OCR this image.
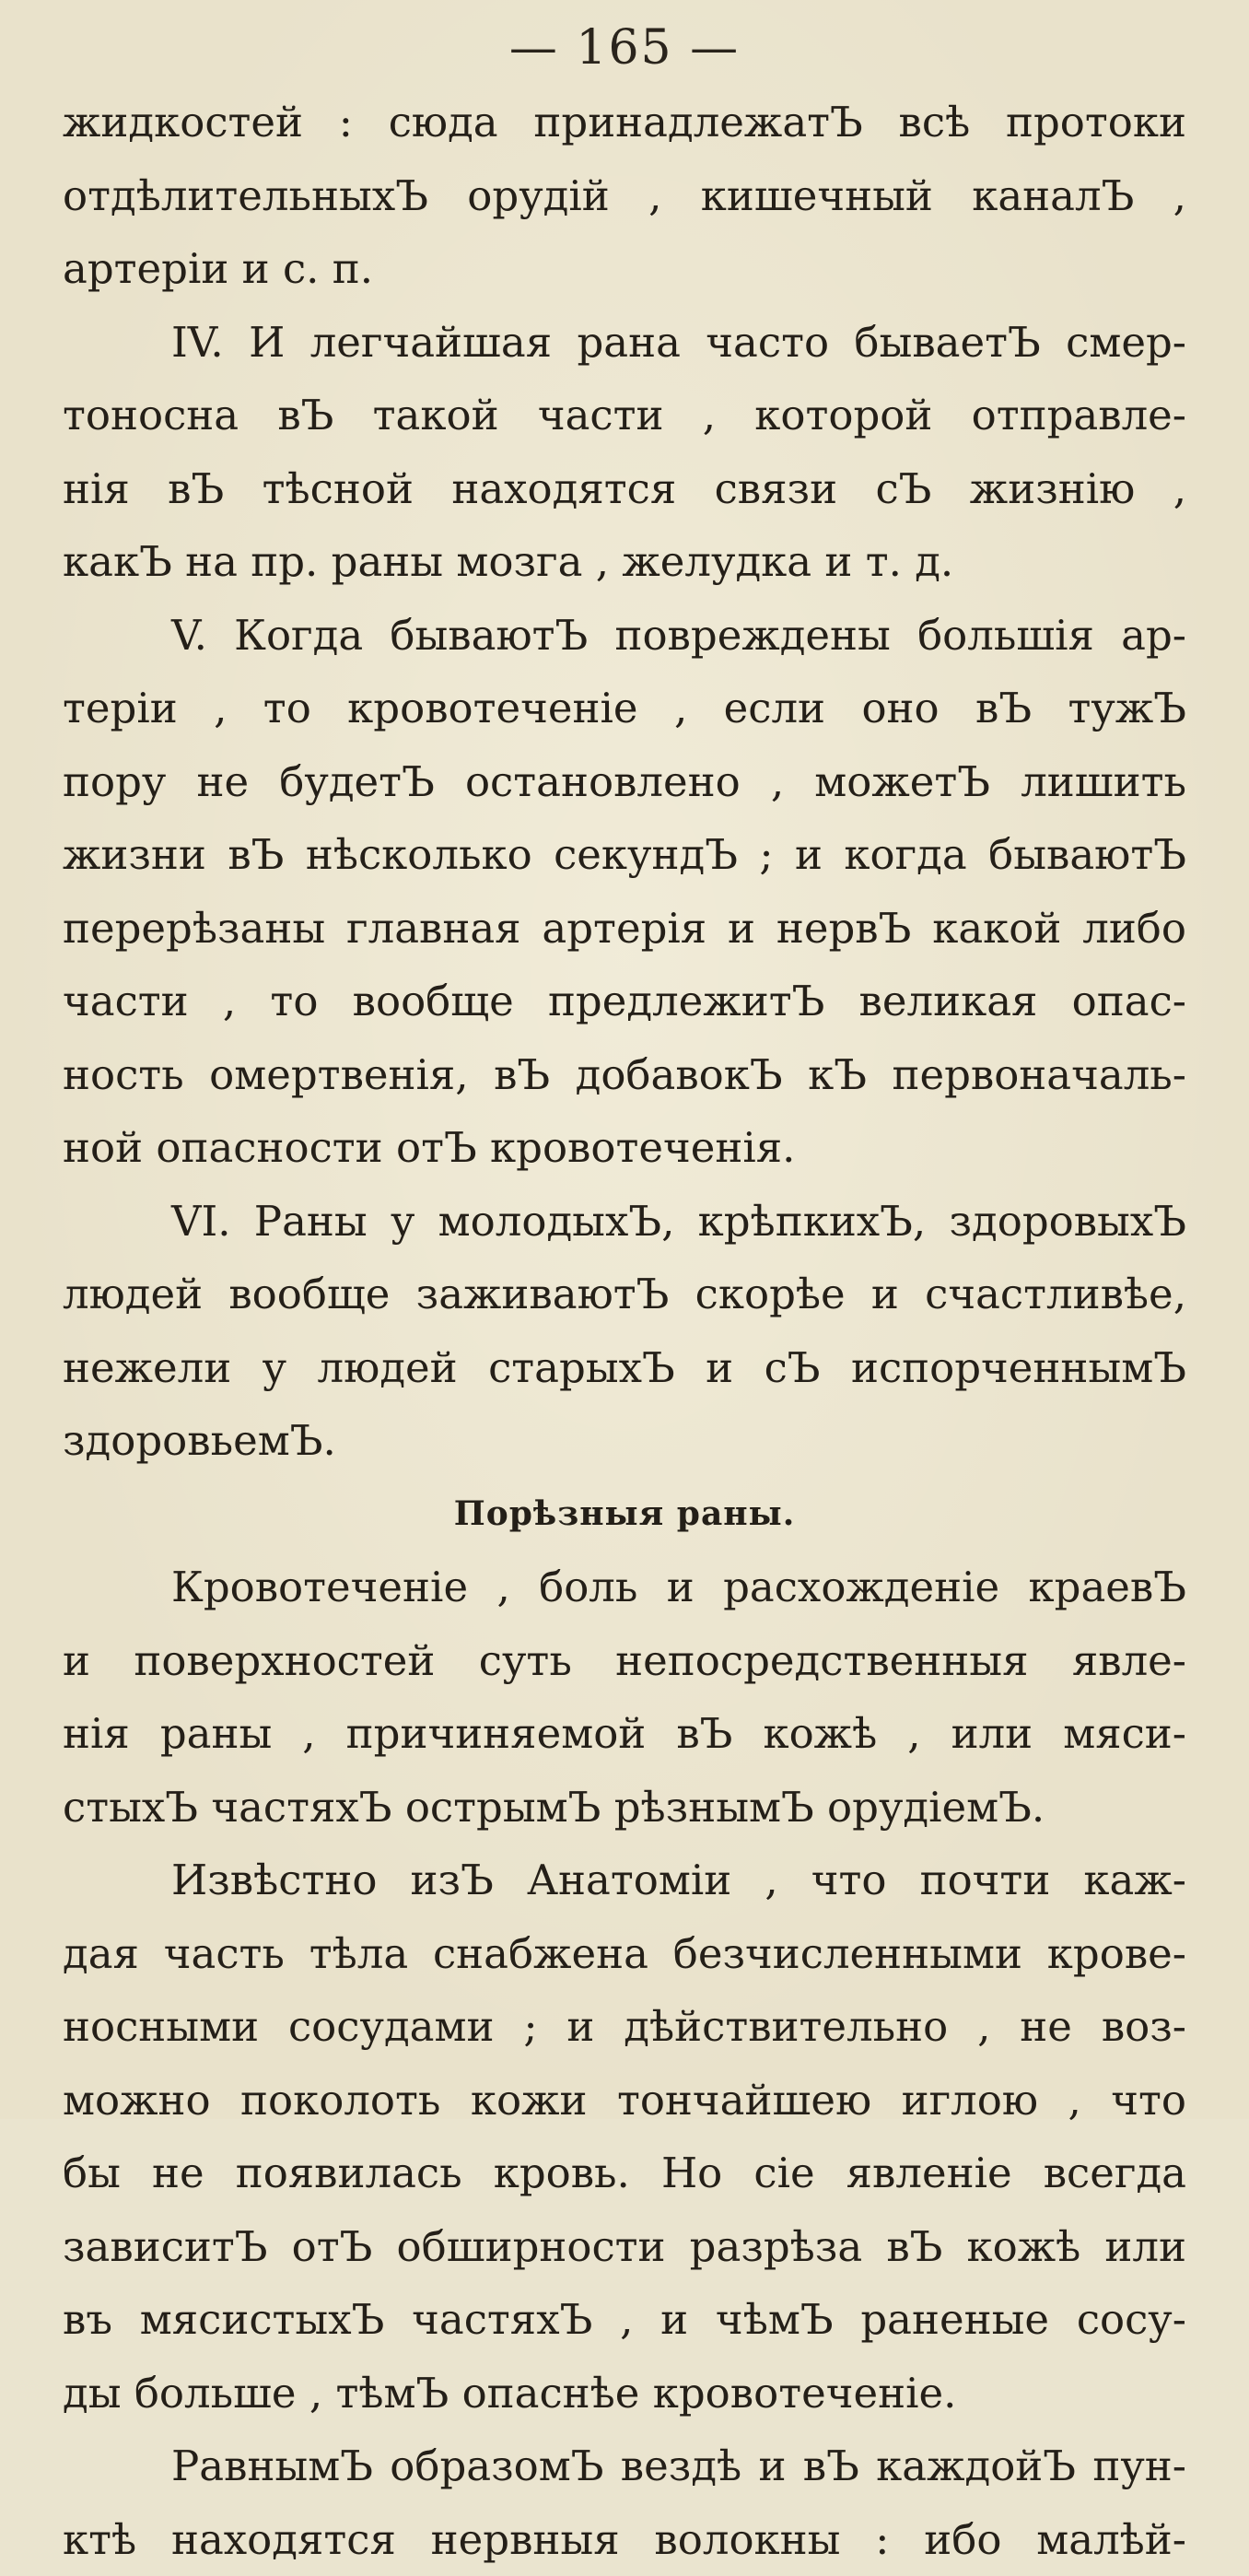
— 165 —
жидкостей : сюда принадлежатЪ всѣ протоки
отдѣлительныхЪ орудій , кишечный каналЪ ,
артеріи и с. п.
IV. И легчайшая рана часто бываетЪ смер-
тоносна вЪ такой части , которой отправле-
нія вЪ тѣсной находятся связи сЪ жизнію ,
какЪ на пр. раны мозга , желудка и т. д.
V. Когда бываютЪ повреждены большія ар-
теріи , то кровотеченіе , если оно вЪ тужЪ
пору не будетЪ остановлено , можетЪ лишить
жизни вЪ нѣсколько секундЪ ; и когда бываютЪ
перерѣзаны главная артерія и нервЪ какой либо
части , то вообще предлежитЪ великая опас-
ность омертвенія, вЪ добавокЪ кЪ первоначаль-
ной опасности отЪ кровотеченія.
VI. Раны у молодыхЪ, крѣпкихЪ, здоровыхЪ
людей вообще заживаютЪ скорѣе и счастливѣе,
нежели у людей старыхЪ и сЪ испорченнымЪ
здоровьемЪ.
Порѣзныя раны.
Кровотеченіе , боль и расхожденіе краевЪ
и поверхностей суть непосредственныя явле-
нія раны , причиняемой вЪ кожѣ , или мяси-
стыхЪ частяхЪ острымЪ рѣзнымЪ орудіемЪ.
Извѣстно изЪ Анатоміи , что почти каж-
дая часть тѣла снабжена безчисленными крове-
носными сосудами ; и дѣйствительно , не воз-
можно поколоть кожи тончайшею иглою , что
бы не появилась кровь. Но сіе явленіе всегда
зависитЪ отЪ обширности разрѣза вЪ кожѣ или
въ мясистыхЪ частяхЪ , и чѣмЪ раненые сосу-
ды больше , тѣмЪ опаснѣе кровотеченіе.
РавнымЪ образомЪ вездѣ и вЪ каждойЪ пун-
ктѣ находятся нервныя волокны : ибо малѣй-
